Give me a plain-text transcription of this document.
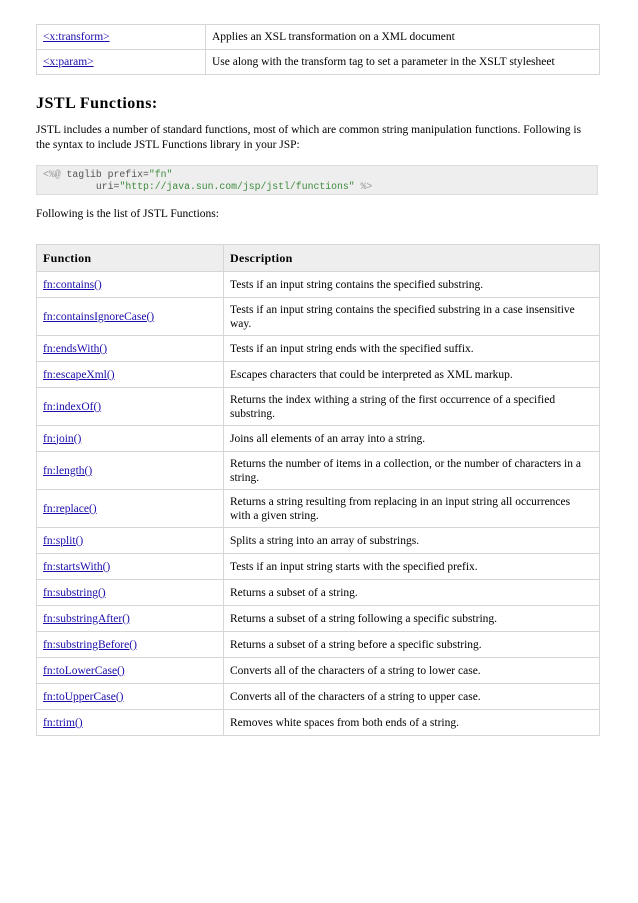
<x:transform>	Applies an XSL transformation on a XML document
<x:param>	Use along with the transform tag to set a parameter in the XSLT stylesheet
JSTL Functions:

JSTL includes a number of standard functions, most of which are common string manipulation functions. Following is the syntax to include JSTL Functions library in your JSP:

<%@ taglib prefix="fn"
uri="http://java.sun.com/jsp/jstl/functions" %>

Following is the list of JSTL Functions:

Function	Description
fn:contains()	Tests if an input string contains the specified substring.
fn:containsIgnoreCase()	Tests if an input string contains the specified substring in a case insensitive way.
fn:endsWith()	Tests if an input string ends with the specified suffix.
fn:escapeXml()	Escapes characters that could be interpreted as XML markup.
fn:indexOf()	Returns the index withing a string of the first occurrence of a specified substring.
fn:join()	Joins all elements of an array into a string.
fn:length()	Returns the number of items in a collection, or the number of characters in a string.
fn:replace()	Returns a string resulting from replacing in an input string all occurrences with a given string.
fn:split()	Splits a string into an array of substrings.
fn:startsWith()	Tests if an input string starts with the specified prefix.
fn:substring()	Returns a subset of a string.
fn:substringAfter()	Returns a subset of a string following a specific substring.
fn:substringBefore()	Returns a subset of a string before a specific substring.
fn:toLowerCase()	Converts all of the characters of a string to lower case.
fn:toUpperCase()	Converts all of the characters of a string to upper case.
fn:trim()	Removes white spaces from both ends of a string.
